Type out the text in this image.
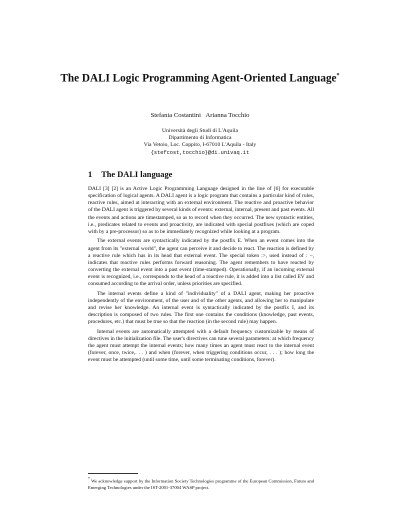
The DALI Logic Programming Agent-Oriented Language*
Stefania Costantini   Arianna Tocchio
Università degli Studi di L'Aquila
Dipartimento di Informatica
Via Vetoio, Loc. Coppito, I-67010 L'Aquila - Italy
{stefcost,tocchio}@di.univaq.it
1 The DALI language

DALI [3] [2] is an Active Logic Programming Language designed in the line of [6] for executable specification of logical agents. A DALI agent is a logic program that contains a particular kind of rules, reactive rules, aimed at interacting with an external environment. The reactive and proactive behavior of the DALI agent is triggered by several kinds of events: external, internal, present and past events. All the events and actions are timestamped, so as to record when they occurred. The new syntactic entities, i.e., predicates related to events and proactivity, are indicated with special postfixes (which are coped with by a pre-processor) so as to be immediately recognized while looking at a program.

The external events are syntactically indicated by the postfix E. When an event comes into the agent from its "external world", the agent can perceive it and decide to react. The reaction is defined by a reactive rule which has in its head that external event. The special token :>, used instead of : −, indicates that reactive rules performs forward reasoning. The agent remembers to have reacted by converting the external event into a past event (time-stamped). Operationally, if an incoming external event is recognized, i.e., corresponds to the head of a reactive rule, it is added into a list called EV and consumed according to the arrival order, unless priorities are specified.

The internal events define a kind of "individuality" of a DALI agent, making her proactive independently of the environment, of the user and of the other agents, and allowing her to manipulate and revise her knowledge. An internal event is syntactically indicated by the postfix I, and its description is composed of two rules. The first one contains the conditions (knowledge, past events, procedures, etc.) that must be true so that the reaction (in the second rule) may happen.

Internal events are automatically attempted with a default frequency customizable by means of directives in the initialization file. The user's directives can tune several parameters: at which frequency the agent must attempt the internal events; how many times an agent must react to the internal event (forever, once, twice,. . . ) and when (forever, when triggering conditions occur, . . . ); how long the event must be attempted (until some time, until some terminating conditions, forever).

* We acknowledge support by the Information Society Technologies programme of the European Commission, Future and Emerging Technologies under the IST-2001-37004 WASP project.
